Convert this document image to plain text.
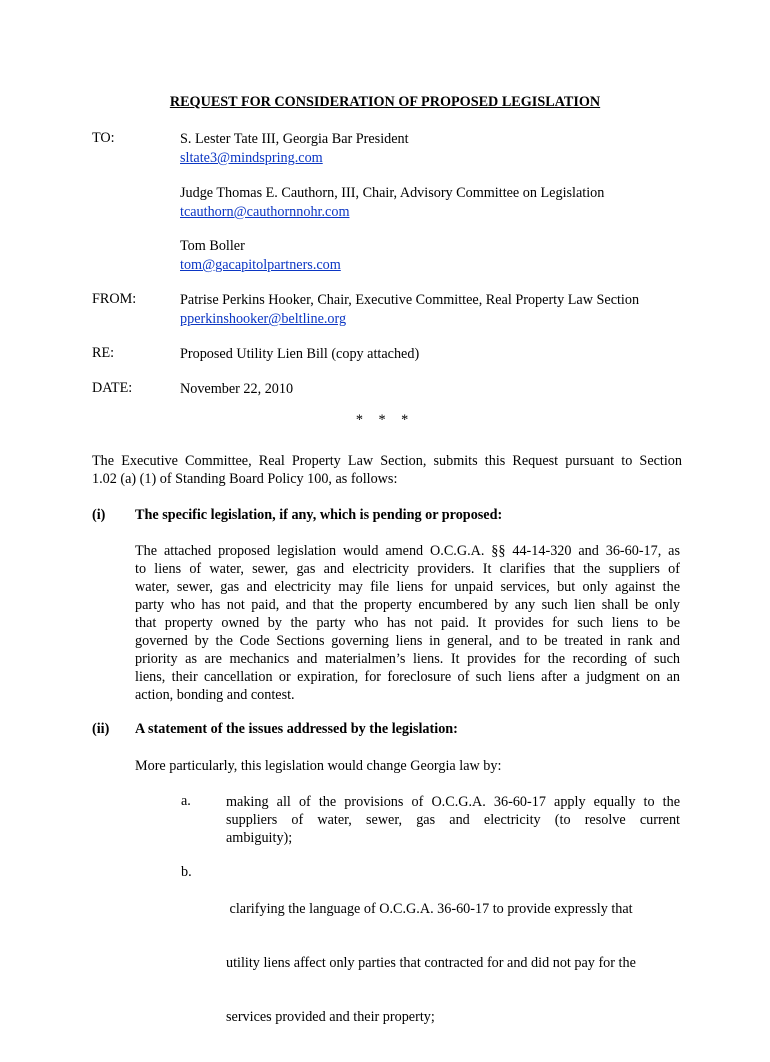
REQUEST FOR CONSIDERATION OF PROPOSED LEGISLATION
TO:	S. Lester Tate III, Georgia Bar President
sltate3@mindspring.com
Judge Thomas E. Cauthorn, III, Chair, Advisory Committee on Legislation
tcauthorn@cauthornnohr.com
Tom Boller
tom@gacapitolpartners.com
FROM:	Patrise Perkins Hooker, Chair, Executive Committee, Real Property Law Section
pperkinshooker@beltline.org
RE:	Proposed Utility Lien Bill (copy attached)
DATE:	November 22, 2010
* * *
The Executive Committee, Real Property Law Section, submits this Request pursuant to Section
1.02 (a) (1) of Standing Board Policy 100, as follows:
(i) The specific legislation, if any, which is pending or proposed:
The attached proposed legislation would amend O.C.G.A. §§ 44-14-320 and 36-60-17, as
to liens of water, sewer, gas and electricity providers. It clarifies that the suppliers of
water, sewer, gas and electricity may file liens for unpaid services, but only against the
party who has not paid, and that the property encumbered by any such lien shall be only
that property owned by the party who has not paid. It provides for such liens to be
governed by the Code Sections governing liens in general, and to be treated in rank and
priority as are mechanics and materialmen’s liens. It provides for the recording of such
liens, their cancellation or expiration, for foreclosure of such liens after a judgment on an
action, bonding and contest.
(ii) A statement of the issues addressed by the legislation:
More particularly, this legislation would change Georgia law by:
a. making all of the provisions of O.C.G.A. 36-60-17 apply equally to the
suppliers of water, sewer, gas and electricity (to resolve current
ambiguity);
b.

clarifying the language of O.C.G.A. 36-60-17 to provide expressly that

utility liens affect only parties that contracted for and did not pay for the

services provided and their property;
